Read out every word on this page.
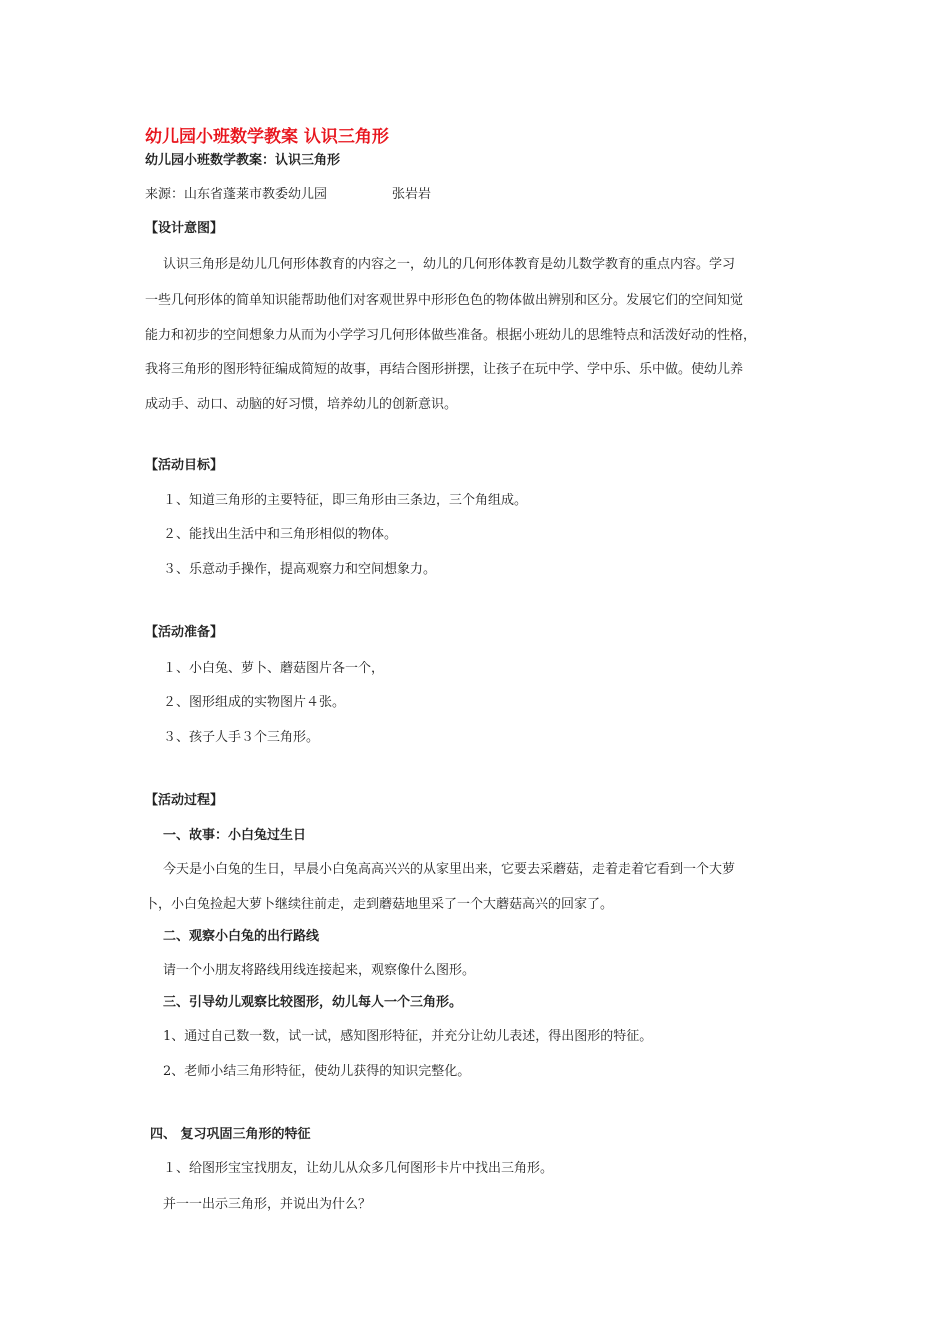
幼儿园小班数学教案 认识三角形
幼儿园小班数学教案：认识三角形
来源：山东省蓬莱市教委幼儿园	张岩岩
【设计意图】
认识三角形是幼儿几何形体教育的内容之一，幼儿的几何形体教育是幼儿数学教育的重点内容。学习
一些几何形体的简单知识能帮助他们对客观世界中形形色色的物体做出辨别和区分。发展它们的空间知觉
能力和初步的空间想象力从而为小学学习几何形体做些准备。根据小班幼儿的思维特点和活泼好动的性格，
我将三角形的图形特征编成简短的故事，再结合图形拼摆，让孩子在玩中学、学中乐、乐中做。使幼儿养
成动手、动口、动脑的好习惯，培养幼儿的创新意识。
【活动目标】
１、知道三角形的主要特征，即三角形由三条边，三个角组成。
２、能找出生活中和三角形相似的物体。
３、乐意动手操作，提高观察力和空间想象力。
【活动准备】
１、小白兔、萝卜、蘑菇图片各一个，
２、图形组成的实物图片４张。
３、孩子人手３个三角形。
【活动过程】
一、故事：小白兔过生日
今天是小白兔的生日，早晨小白兔高高兴兴的从家里出来，它要去采蘑菇，走着走着它看到一个大萝
卜，小白兔捡起大萝卜继续往前走，走到蘑菇地里采了一个大蘑菇高兴的回家了。
二、观察小白兔的出行路线
请一个小朋友将路线用线连接起来，观察像什么图形。
三、引导幼儿观察比较图形，幼儿每人一个三角形。
1、通过自己数一数，试一试，感知图形特征，并充分让幼儿表述，得出图形的特征。
2、老师小结三角形特征，使幼儿获得的知识完整化。
四、 复习巩固三角形的特征
１、给图形宝宝找朋友，让幼儿从众多几何图形卡片中找出三角形。
并一一出示三角形，并说出为什么？
